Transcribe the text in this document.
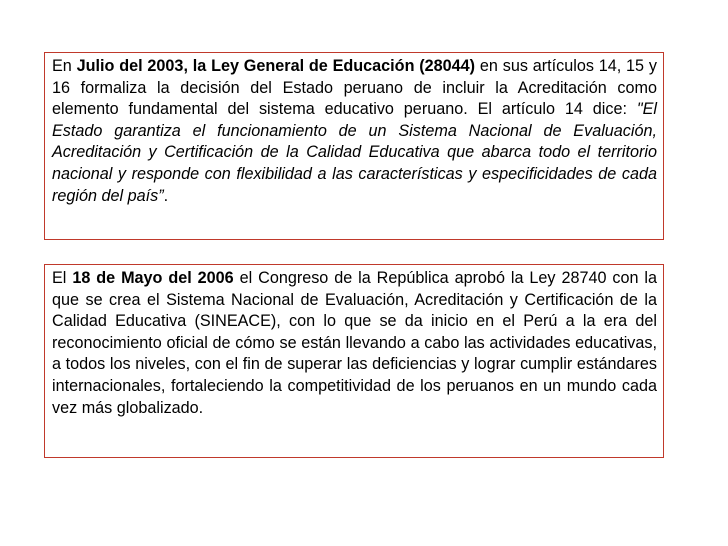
En Julio del 2003, la Ley General de Educación (28044) en sus artículos 14, 15 y 16 formaliza la decisión del Estado peruano de incluir la Acreditación como elemento fundamental del sistema educativo peruano. El artículo 14 dice: "El Estado garantiza el funcionamiento de un Sistema Nacional de Evaluación, Acreditación y Certificación de la Calidad Educativa que abarca todo el territorio nacional y responde con flexibilidad a las características y especificidades de cada región del país”.
El 18 de Mayo del 2006 el Congreso de la República aprobó la Ley 28740 con la que se crea el Sistema Nacional de Evaluación, Acreditación y Certificación de la Calidad Educativa (SINEACE), con lo que se da inicio en el Perú a la era del reconocimiento oficial de cómo se están llevando a cabo las actividades educativas, a todos los niveles, con el fin de superar las deficiencias y lograr cumplir estándares internacionales, fortaleciendo la competitividad de los peruanos en un mundo cada vez más globalizado.
